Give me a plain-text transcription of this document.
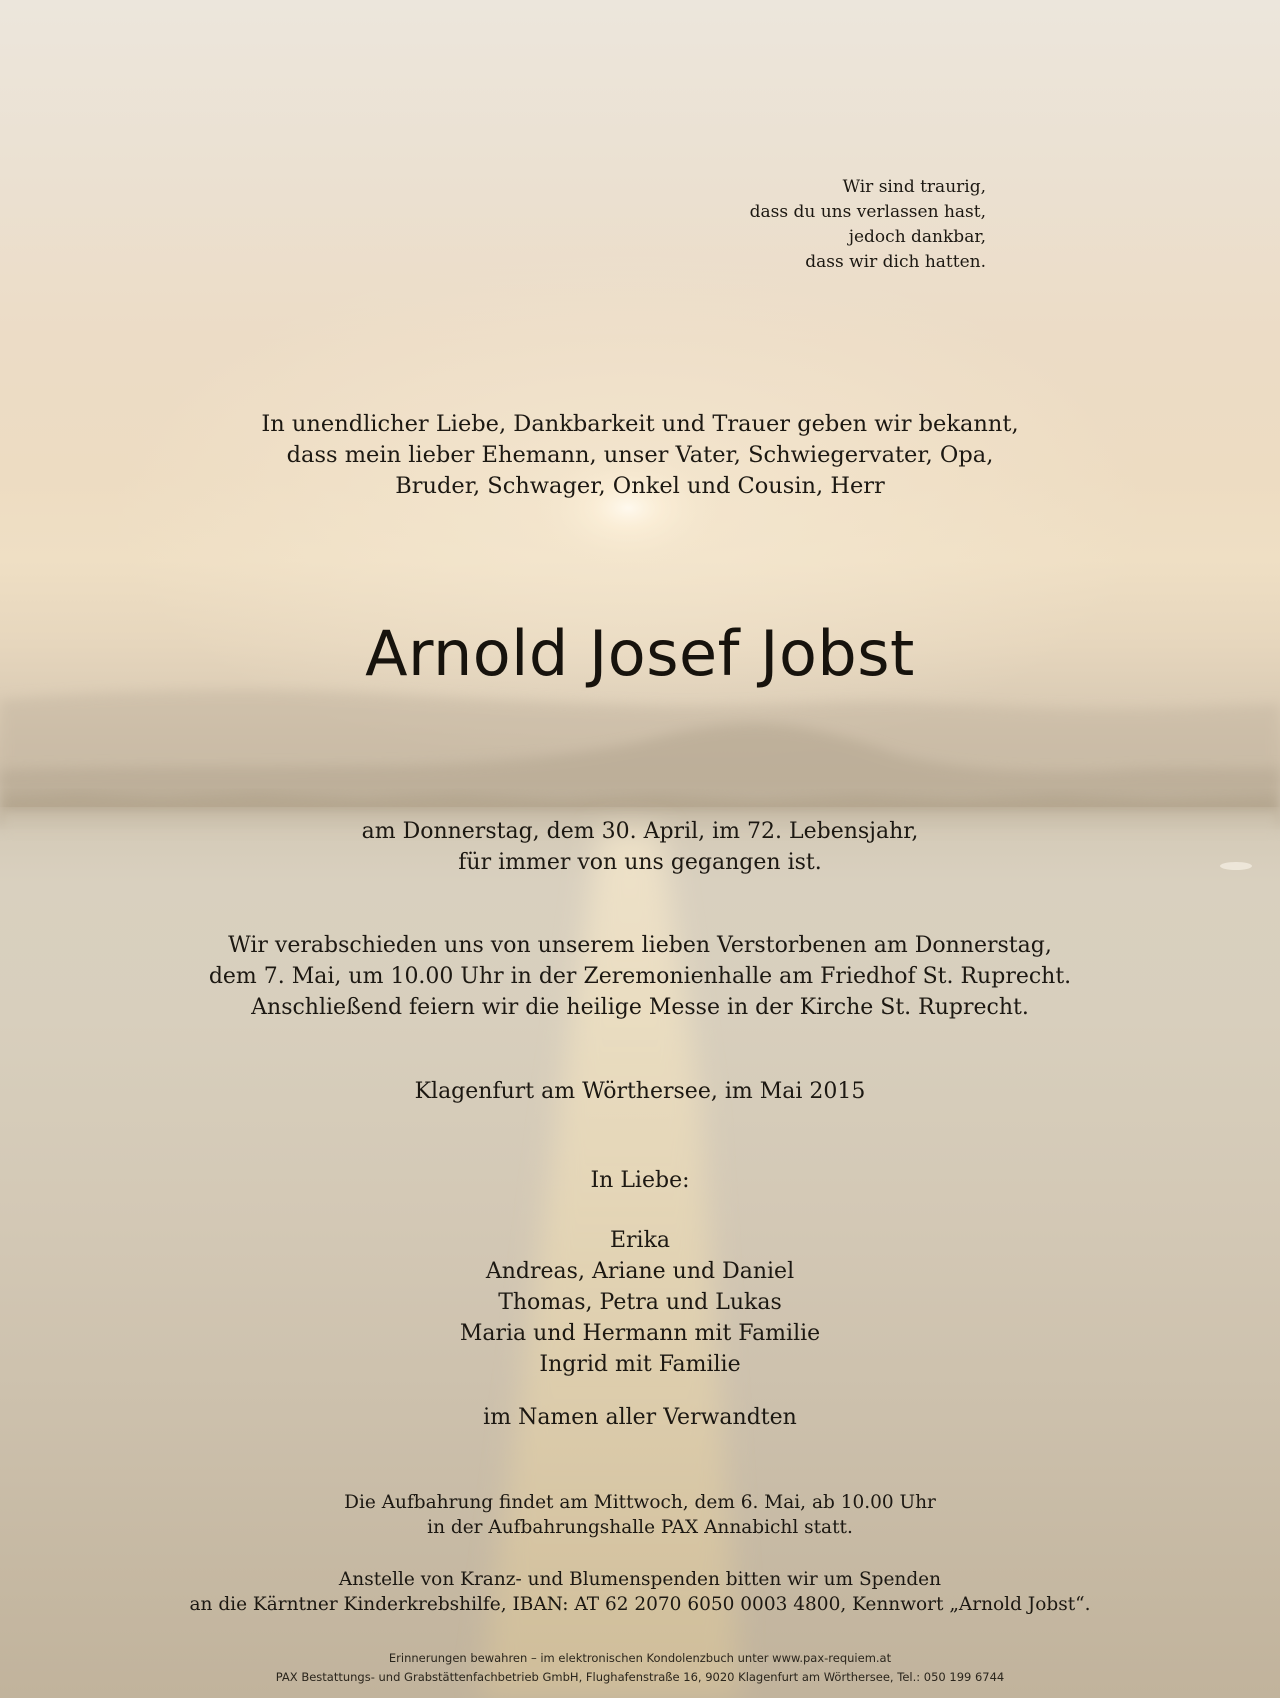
Wir sind traurig,
dass du uns verlassen hast,
jedoch dankbar,
dass wir dich hatten.
In unendlicher Liebe, Dankbarkeit und Trauer geben wir bekannt,
dass mein lieber Ehemann, unser Vater, Schwiegervater, Opa,
Bruder, Schwager, Onkel und Cousin, Herr
Arnold Josef Jobst
am Donnerstag, dem 30. April, im 72. Lebensjahr,
für immer von uns gegangen ist.
Wir verabschieden uns von unserem lieben Verstorbenen am Donnerstag,
dem 7. Mai, um 10.00 Uhr in der Zeremonienhalle am Friedhof St. Ruprecht.
Anschließend feiern wir die heilige Messe in der Kirche St. Ruprecht.
Klagenfurt am Wörthersee, im Mai 2015
In Liebe:
Erika
Andreas, Ariane und Daniel
Thomas, Petra und Lukas
Maria und Hermann mit Familie
Ingrid mit Familie
im Namen aller Verwandten
Die Aufbahrung findet am Mittwoch, dem 6. Mai, ab 10.00 Uhr
in der Aufbahrungshalle PAX Annabichl statt.
Anstelle von Kranz- und Blumenspenden bitten wir um Spenden
an die Kärntner Kinderkrebshilfe, IBAN: AT 62 2070 6050 0003 4800, Kennwort „Arnold Jobst“.
Erinnerungen bewahren – im elektronischen Kondolenzbuch unter www.pax-requiem.at
PAX Bestattungs- und Grabstättenfachbetrieb GmbH, Flughafenstraße 16, 9020 Klagenfurt am Wörthersee, Tel.: 050 199 6744
